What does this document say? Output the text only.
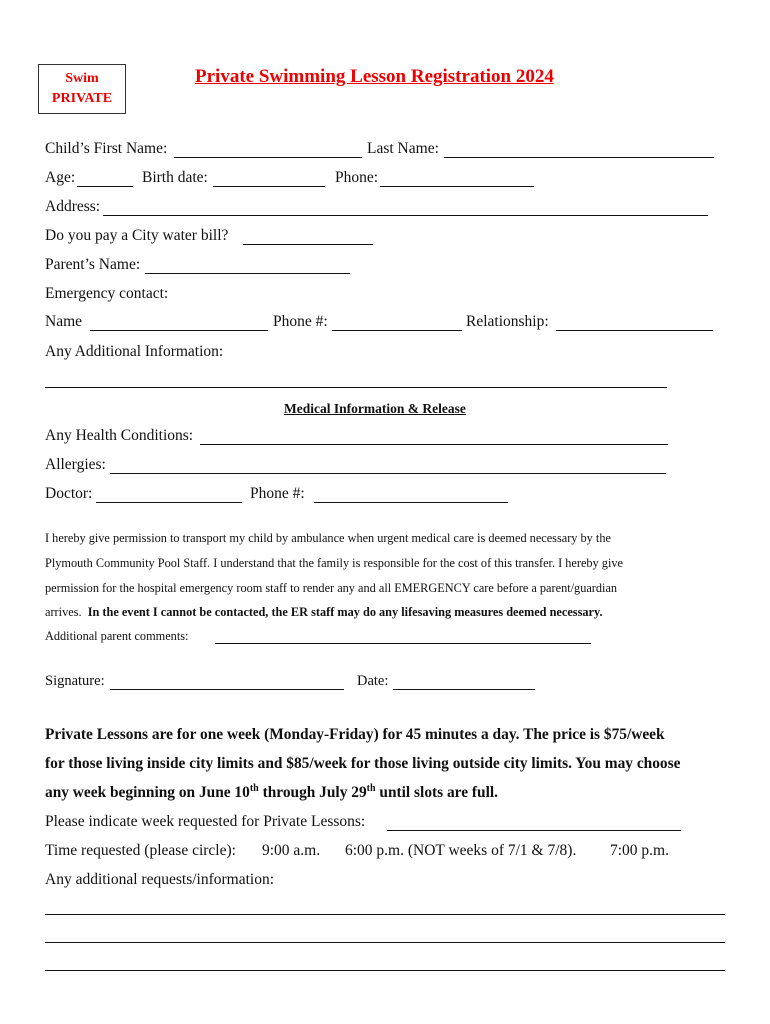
Swim
PRIVATE
Private Swimming Lesson Registration 2024
Child’s First Name:	Last Name:
Age:	Birth date:	Phone:
Address:
Do you pay a City water bill?
Parent’s Name:
Emergency contact:
Name	Phone #:	Relationship:
Any Additional Information:
Medical Information & Release
Any Health Conditions:
Allergies:
Doctor:	Phone #:
I hereby give permission to transport my child by ambulance when urgent medical care is deemed necessary by the
Plymouth Community Pool Staff. I understand that the family is responsible for the cost of this transfer. I hereby give
permission for the hospital emergency room staff to render any and all EMERGENCY care before a parent/guardian
arrives. In the event I cannot be contacted, the ER staff may do any lifesaving measures deemed necessary.
Additional parent comments:
Signature:	Date:
Private Lessons are for one week (Monday-Friday) for 45 minutes a day. The price is $75/week
for those living inside city limits and $85/week for those living outside city limits. You may choose
any week beginning on June 10th through July 29th until slots are full.
Please indicate week requested for Private Lessons:
Time requested (please circle): 9:00 a.m. 6:00 p.m. (NOT weeks of 7/1 & 7/8). 7:00 p.m.
Any additional requests/information:
